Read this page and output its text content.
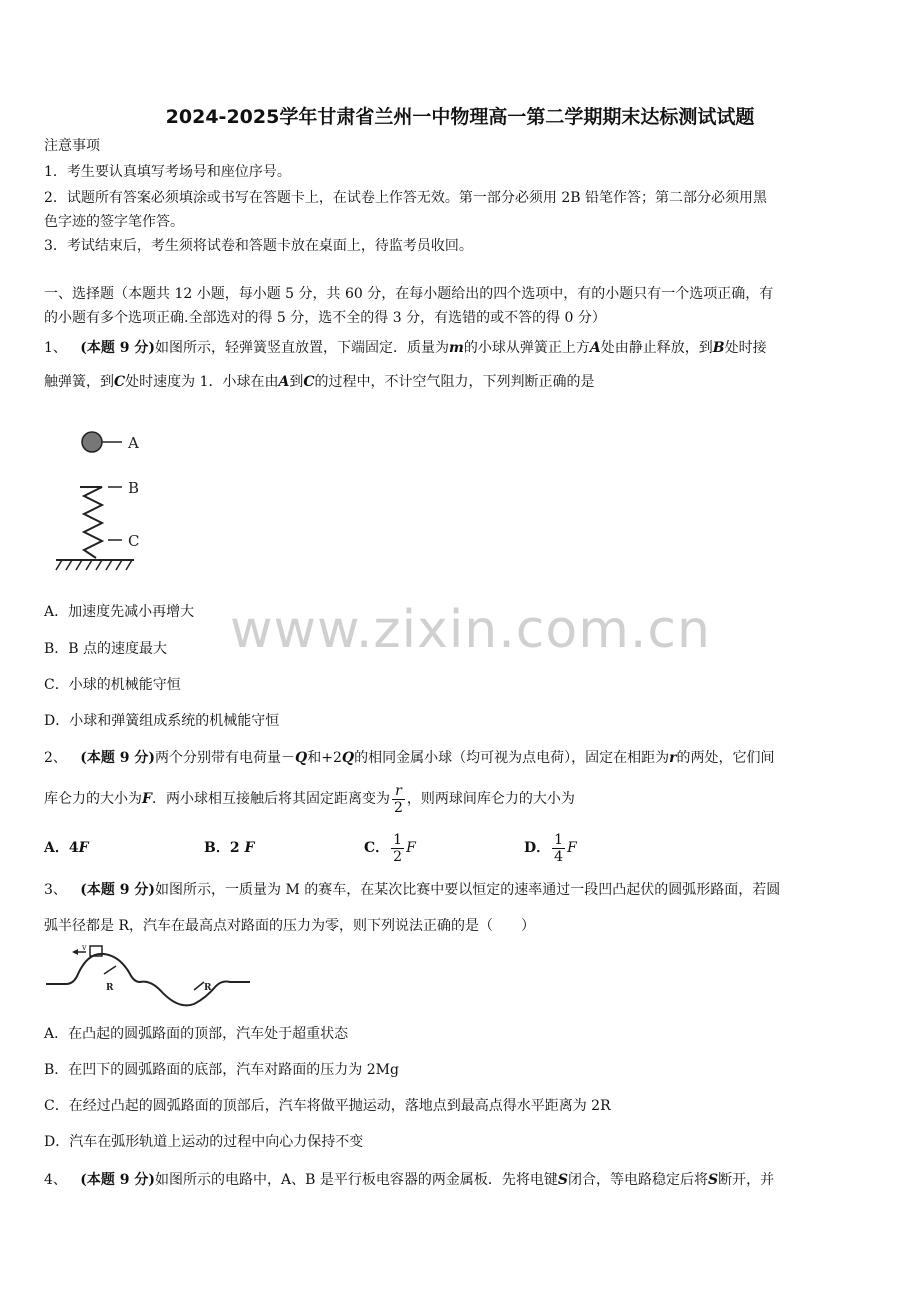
2024-2025学年甘肃省兰州一中物理高一第二学期期末达标测试试题
注意事项
1．考生要认真填写考场号和座位序号。
2．试题所有答案必须填涂或书写在答题卡上，在试卷上作答无效。第一部分必须用 2B 铅笔作答；第二部分必须用黑
色字迹的签字笔作答。
3．考试结束后，考生须将试卷和答题卡放在桌面上，待监考员收回。
一、选择题（本题共 12 小题，每小题 5 分，共 60 分，在每小题给出的四个选项中，有的小题只有一个选项正确，有
的小题有多个选项正确.全部选对的得 5 分，选不全的得 3 分，有选错的或不答的得 0 分）
1、 (本题 9 分)如图所示，轻弹簧竖直放置，下端固定．质量为m的小球从弹簧正上方A处由静止释放，到B处时接
触弹簧，到C处时速度为 1．小球在由A到C的过程中，不计空气阻力，下列判断正确的是
A
B
C
A．加速度先减小再增大
B．B 点的速度最大
C．小球的机械能守恒
D．小球和弹簧组成系统的机械能守恒
2、 (本题 9 分)两个分别带有电荷量－Q和+2Q的相同金属小球（均可视为点电荷），固定在相距为r的两处，它们间
库仑力的大小为F．两小球相互接触后将其固定距离变为 $\frac{r}{2}$ ，则两球间库仑力的大小为
A．4F	B．2 F	C． $\frac{1}{2}$ F	D． $\frac{1}{4}$ F
3、 (本题 9 分)如图所示，一质量为 M 的赛车，在某次比赛中要以恒定的速率通过一段凹凸起伏的圆弧形路面，若圆
弧半径都是 R，汽车在最高点对路面的压力为零，则下列说法正确的是（　　）
v
R	R
A．在凸起的圆弧路面的顶部，汽车处于超重状态
B．在凹下的圆弧路面的底部，汽车对路面的压力为 2Mg
C．在经过凸起的圆弧路面的顶部后，汽车将做平抛运动，落地点到最高点得水平距离为 2R
D．汽车在弧形轨道上运动的过程中向心力保持不变
4、 (本题 9 分)如图所示的电路中，A、B 是平行板电容器的两金属板．先将电键S闭合，等电路稳定后将S断开，并
www.zixin.com.cn
